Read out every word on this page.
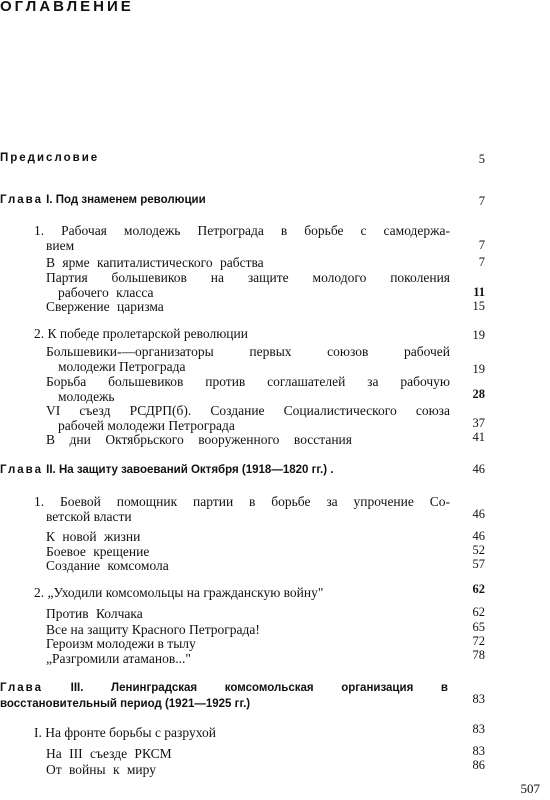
ОГЛАВЛЕНИЕ
Предисловие	5
Глава I. Под знаменем революции	7
1. Рабочая молодежь Петрограда в борьбе с самодержа-
вием	7
В ярме капиталистического рабства	7
Партия большевиков на защите молодого поколения
рабочего класса	11
Свержение царизма	15
2. К победе пролетарской революции	19
Большевики-—организаторы первых союзов рабочей
молодежи Петрограда	19
Борьба большевиков против соглашателей за рабочую
молодежь	28
VI съезд РСДРП(б). Создание Социалистического союза
рабочей молодежи Петрограда	37
В дни Октябрьского вооруженного восстания	41
Глава II. На защиту завоеваний Октября (1918—1820 гг.) .	46
1. Боевой помощник партии в борьбе за упрочение Со-
ветской власти	46
К новой жизни	46
Боевое крещение	52
Создание комсомола	57
2. „Уходили комсомольцы на гражданскую войну"	62
Против Колчака	62
Все на защиту Красного Петрограда!	65
Героизм молодежи в тылу	72
„Разгромили атаманов..."	78
Глава III. Ленинградская комсомольская организация в
восстановительный период (1921—1925 гг.)	83
I. На фронте борьбы с разрухой	83
На III съезде РКСМ	83
От войны к миру	86
507
